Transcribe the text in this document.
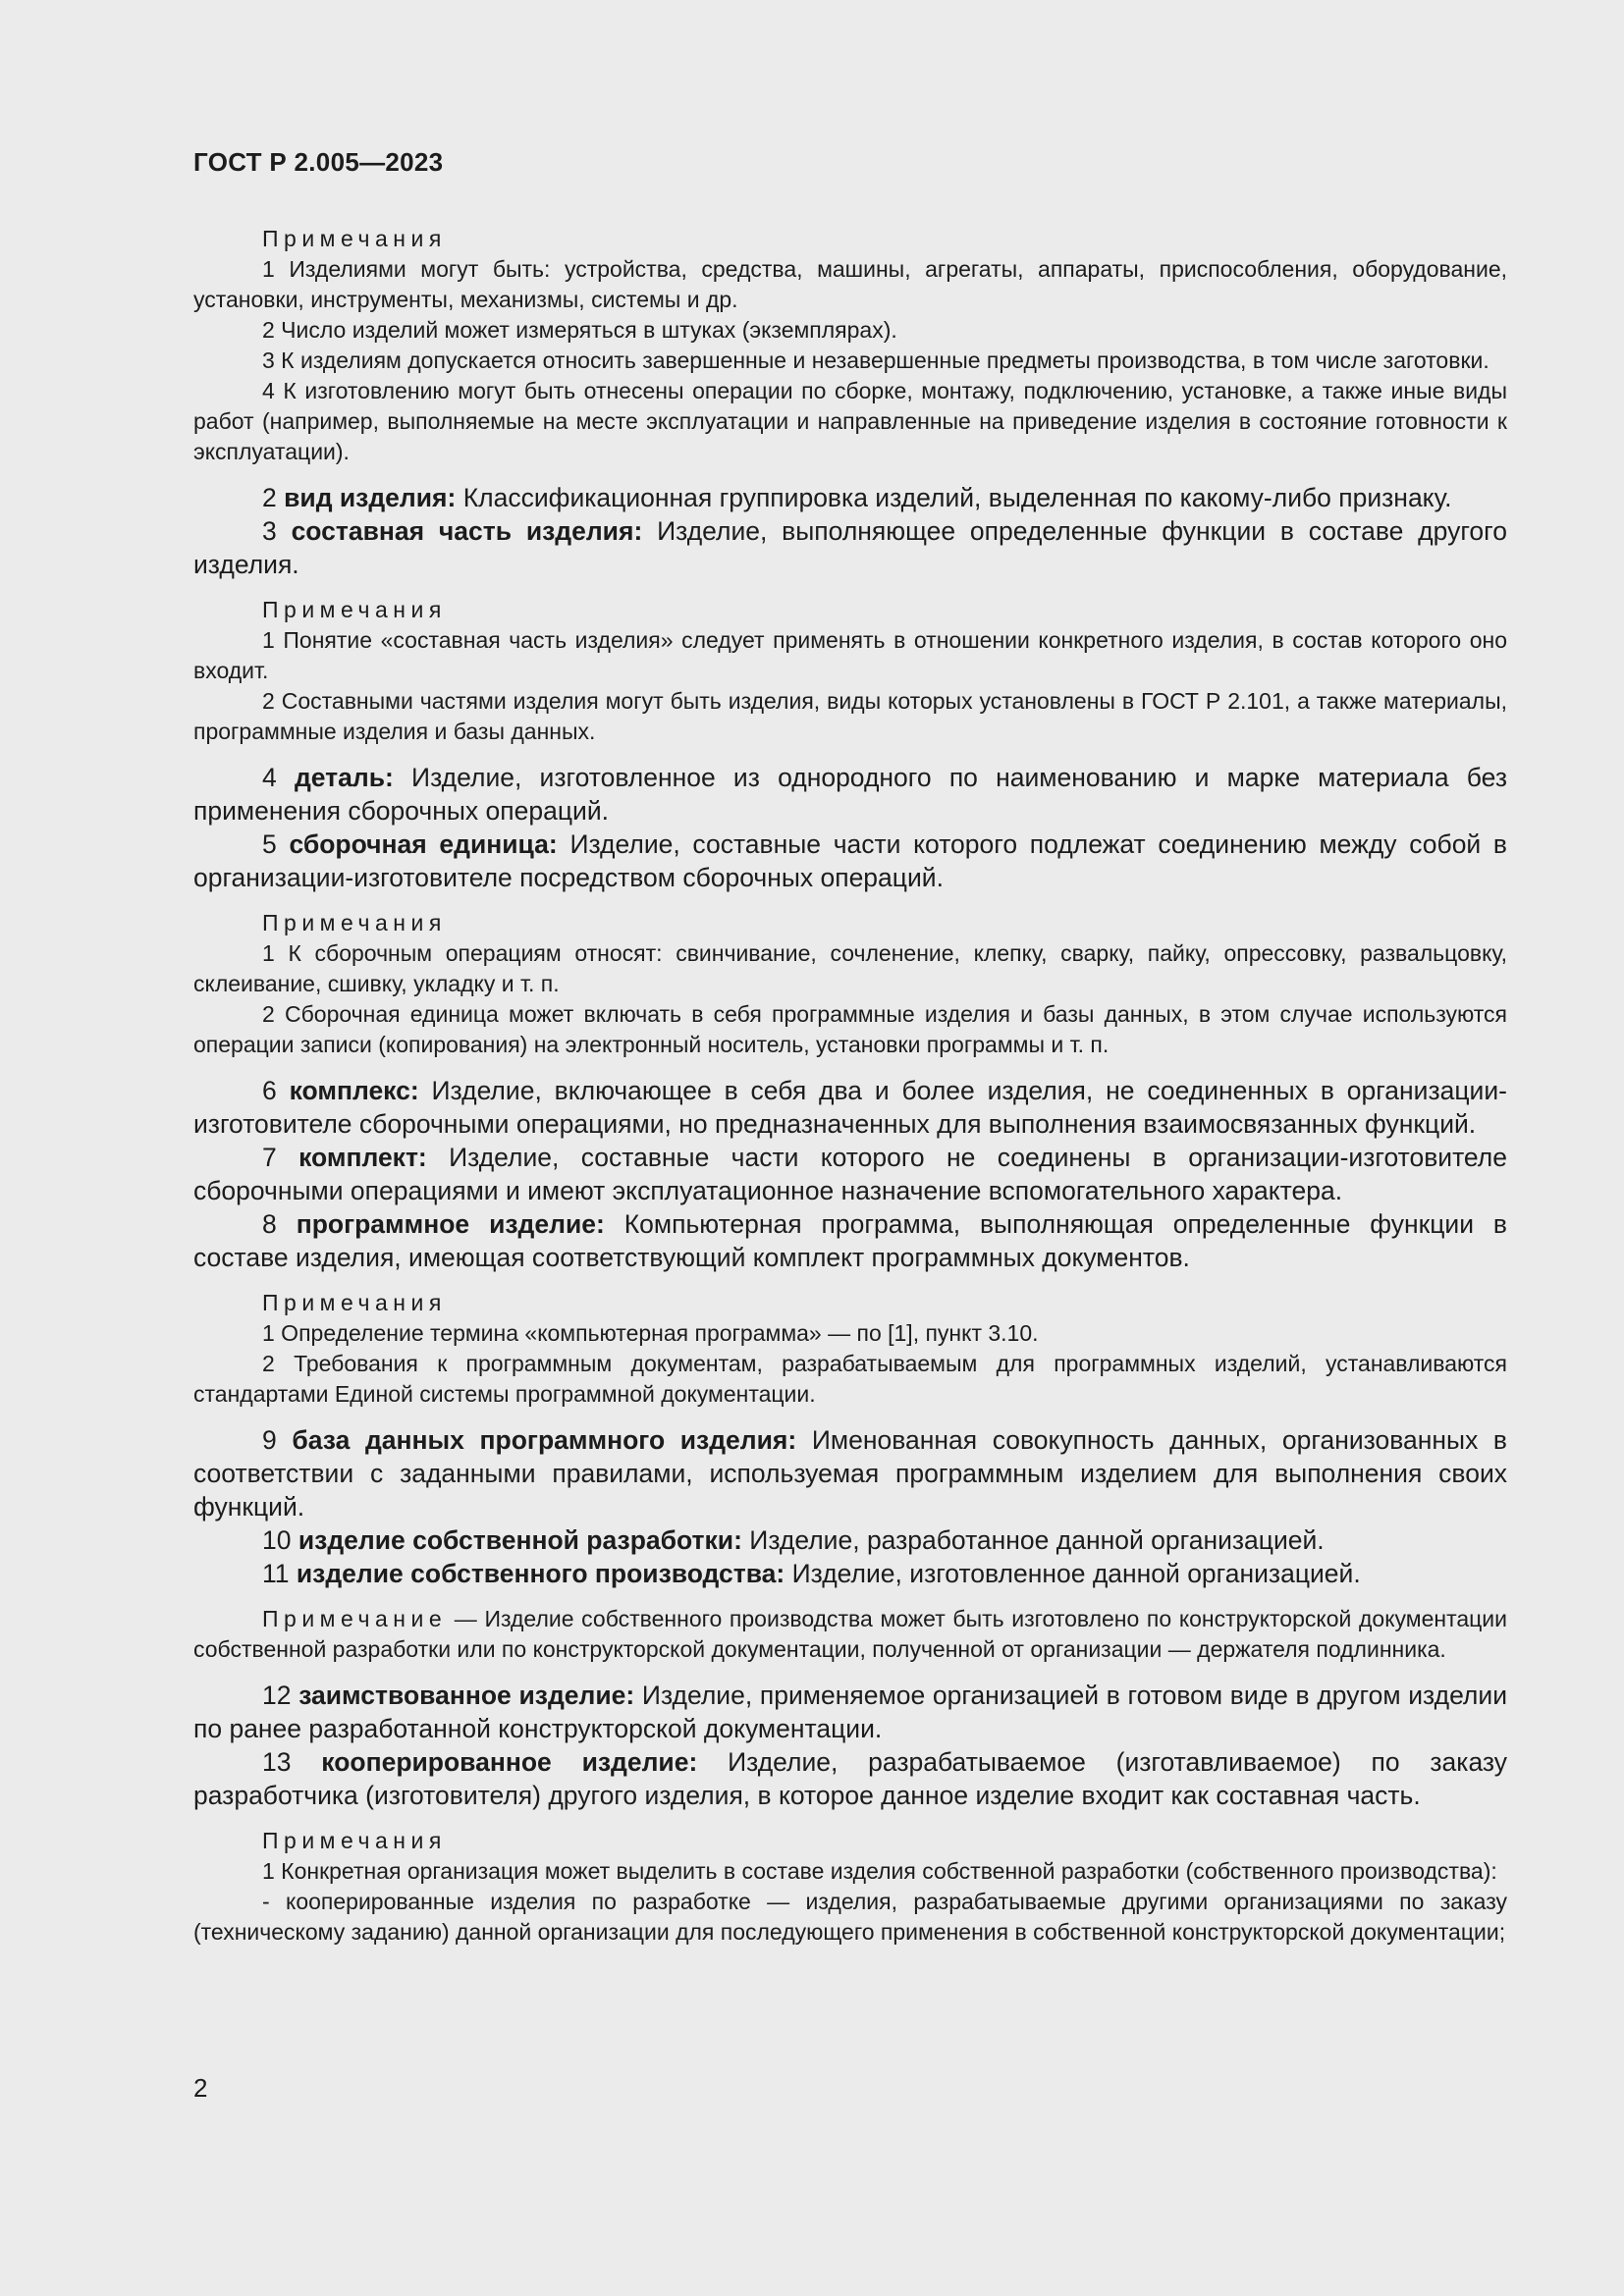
ГОСТ Р 2.005—2023
Примечания

1 Изделиями могут быть: устройства, средства, машины, агрегаты, аппараты, приспособления, оборудование, установки, инструменты, механизмы, системы и др.

2 Число изделий может измеряться в штуках (экземплярах).

3 К изделиям допускается относить завершенные и незавершенные предметы производства, в том числе заготовки.

4 К изготовлению могут быть отнесены операции по сборке, монтажу, подключению, установке, а также иные виды работ (например, выполняемые на месте эксплуатации и направленные на приведение изделия в состояние готовности к эксплуатации).

2 вид изделия: Классификационная группировка изделий, выделенная по какому-либо признаку.

3 составная часть изделия: Изделие, выполняющее определенные функции в составе другого изделия.

Примечания

1 Понятие «составная часть изделия» следует применять в отношении конкретного изделия, в состав которого оно входит.

2 Составными частями изделия могут быть изделия, виды которых установлены в ГОСТ Р 2.101, а также материалы, программные изделия и базы данных.

4 деталь: Изделие, изготовленное из однородного по наименованию и марке материала без применения сборочных операций.

5 сборочная единица: Изделие, составные части которого подлежат соединению между собой в организации-изготовителе посредством сборочных операций.

Примечания

1 К сборочным операциям относят: свинчивание, сочленение, клепку, сварку, пайку, опрессовку, развальцовку, склеивание, сшивку, укладку и т. п.

2 Сборочная единица может включать в себя программные изделия и базы данных, в этом случае используются операции записи (копирования) на электронный носитель, установки программы и т. п.

6 комплекс: Изделие, включающее в себя два и более изделия, не соединенных в организации-изготовителе сборочными операциями, но предназначенных для выполнения взаимосвязанных функций.

7 комплект: Изделие, составные части которого не соединены в организации-изготовителе сборочными операциями и имеют эксплуатационное назначение вспомогательного характера.

8 программное изделие: Компьютерная программа, выполняющая определенные функции в составе изделия, имеющая соответствующий комплект программных документов.

Примечания

1 Определение термина «компьютерная программа» — по [1], пункт 3.10.

2 Требования к программным документам, разрабатываемым для программных изделий, устанавливаются стандартами Единой системы программной документации.

9 база данных программного изделия: Именованная совокупность данных, организованных в соответствии с заданными правилами, используемая программным изделием для выполнения своих функций.

10 изделие собственной разработки: Изделие, разработанное данной организацией.

11 изделие собственного производства: Изделие, изготовленное данной организацией.

Примечание — Изделие собственного производства может быть изготовлено по конструкторской документации собственной разработки или по конструкторской документации, полученной от организации — держателя подлинника.

12 заимствованное изделие: Изделие, применяемое организацией в готовом виде в другом изделии по ранее разработанной конструкторской документации.

13 кооперированное изделие: Изделие, разрабатываемое (изготавливаемое) по заказу разработчика (изготовителя) другого изделия, в которое данное изделие входит как составная часть.

Примечания

1 Конкретная организация может выделить в составе изделия собственной разработки (собственного производства):

- кооперированные изделия по разработке — изделия, разрабатываемые другими организациями по заказу (техническому заданию) данной организации для последующего применения в собственной конструкторской документации;

2
